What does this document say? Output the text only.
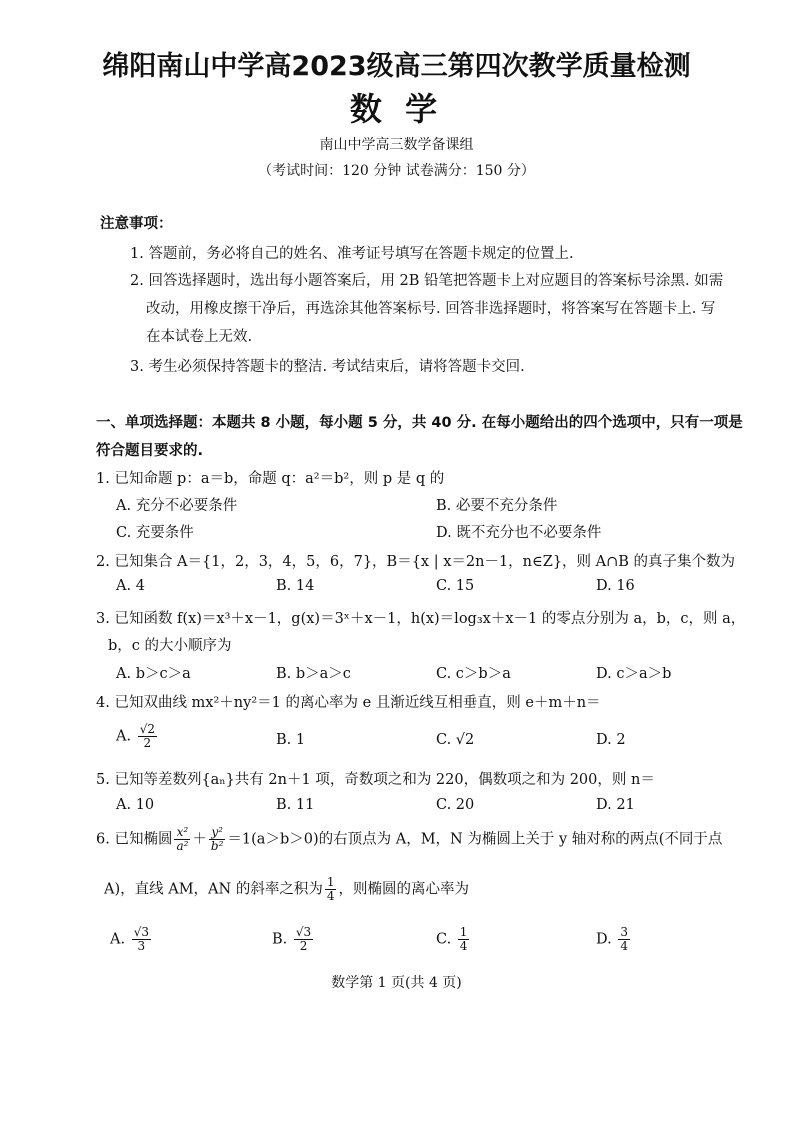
绵阳南山中学高2023级高三第四次教学质量检测
数 学
南山中学高三数学备课组
（考试时间：120 分钟 试卷满分：150 分）
注意事项：
1. 答题前，务必将自己的姓名、准考证号填写在答题卡规定的位置上.
2. 回答选择题时，选出每小题答案后，用 2B 铅笔把答题卡上对应题目的答案标号涂黑. 如需
改动，用橡皮擦干净后，再选涂其他答案标号. 回答非选择题时，将答案写在答题卡上. 写
在本试卷上无效.
3. 考生必须保持答题卡的整洁. 考试结束后，请将答题卡交回.
一、单项选择题：本题共 8 小题，每小题 5 分，共 40 分. 在每小题给出的四个选项中，只有一项是
符合题目要求的.
1. 已知命题 p：a＝b，命题 q：a²＝b²，则 p 是 q 的
A. 充分不必要条件	B. 必要不充分条件
C. 充要条件	D. 既不充分也不必要条件
2. 已知集合 A＝{1，2，3，4，5，6，7}，B＝{x | x＝2n－1，n∈Z}，则 A∩B 的真子集个数为
A. 4	B. 14	C. 15	D. 16
3. 已知函数 f(x)＝x³＋x－1，g(x)＝3ˣ＋x－1，h(x)＝log₃x＋x－1 的零点分别为 a，b，c，则 a，
b，c 的大小顺序为
A. b＞c＞a	B. b＞a＞c	C. c＞b＞a	D. c＞a＞b
4. 已知双曲线 mx²＋ny²＝1 的离心率为 e 且渐近线互相垂直，则 e＋m＋n＝
A. $\frac{√2}{2}$	B. 1	C. √2	D. 2
5. 已知等差数列{aₙ}共有 2n＋1 项，奇数项之和为 220，偶数项之和为 200，则 n＝
A. 10	B. 11	C. 20	D. 21
6. 已知椭圆 $\frac{\text{x²}}{\text{a²}} + \frac{\text{y²}}{\text{b²}} =1(a>b>0)$的右顶点为 A，M，N 为椭圆上关于 y 轴对称的两点(不同于点
A)，直线 AM，AN 的斜率之积为 $\frac{1}{4}$ ，则椭圆的离心率为
A. $\frac{√3}{3}$	B. $\frac{√3}{2}$	C. $\frac{1}{4}$	D. $\frac{3}{4}$
数学第 1 页(共 4 页)
